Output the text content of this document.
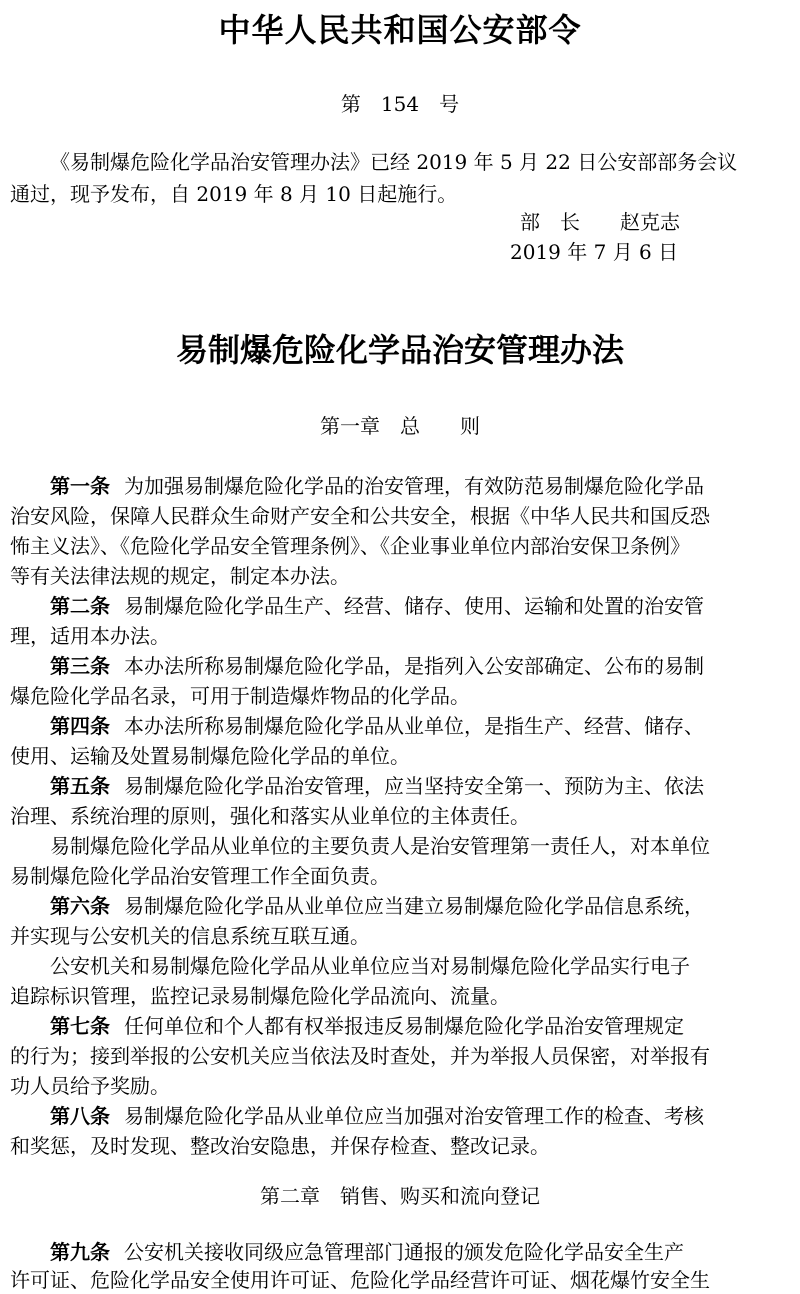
中华人民共和国公安部令
第　154　号
《易制爆危险化学品治安管理办法》已经 2019 年 5 月 22 日公安部部务会议
通过，现予发布，自 2019 年 8 月 10 日起施行。
部　长　　赵克志
2019 年 7 月 6 日
易制爆危险化学品治安管理办法
第一章　总　　则
第一条 为加强易制爆危险化学品的治安管理，有效防范易制爆危险化学品
治安风险，保障人民群众生命财产安全和公共安全，根据《中华人民共和国反恐
怖主义法》、《危险化学品安全管理条例》、《企业事业单位内部治安保卫条例》
等有关法律法规的规定，制定本办法。
第二条 易制爆危险化学品生产、经营、储存、使用、运输和处置的治安管
理，适用本办法。
第三条 本办法所称易制爆危险化学品，是指列入公安部确定、公布的易制
爆危险化学品名录，可用于制造爆炸物品的化学品。
第四条 本办法所称易制爆危险化学品从业单位，是指生产、经营、储存、
使用、运输及处置易制爆危险化学品的单位。
第五条 易制爆危险化学品治安管理，应当坚持安全第一、预防为主、依法
治理、系统治理的原则，强化和落实从业单位的主体责任。
易制爆危险化学品从业单位的主要负责人是治安管理第一责任人，对本单位
易制爆危险化学品治安管理工作全面负责。
第六条 易制爆危险化学品从业单位应当建立易制爆危险化学品信息系统，
并实现与公安机关的信息系统互联互通。
公安机关和易制爆危险化学品从业单位应当对易制爆危险化学品实行电子
追踪标识管理，监控记录易制爆危险化学品流向、流量。
第七条 任何单位和个人都有权举报违反易制爆危险化学品治安管理规定
的行为；接到举报的公安机关应当依法及时查处，并为举报人员保密，对举报有
功人员给予奖励。
第八条 易制爆危险化学品从业单位应当加强对治安管理工作的检查、考核
和奖惩，及时发现、整改治安隐患，并保存检查、整改记录。
第二章　销售、购买和流向登记
第九条 公安机关接收同级应急管理部门通报的颁发危险化学品安全生产
许可证、危险化学品安全使用许可证、危险化学品经营许可证、烟花爆竹安全生
